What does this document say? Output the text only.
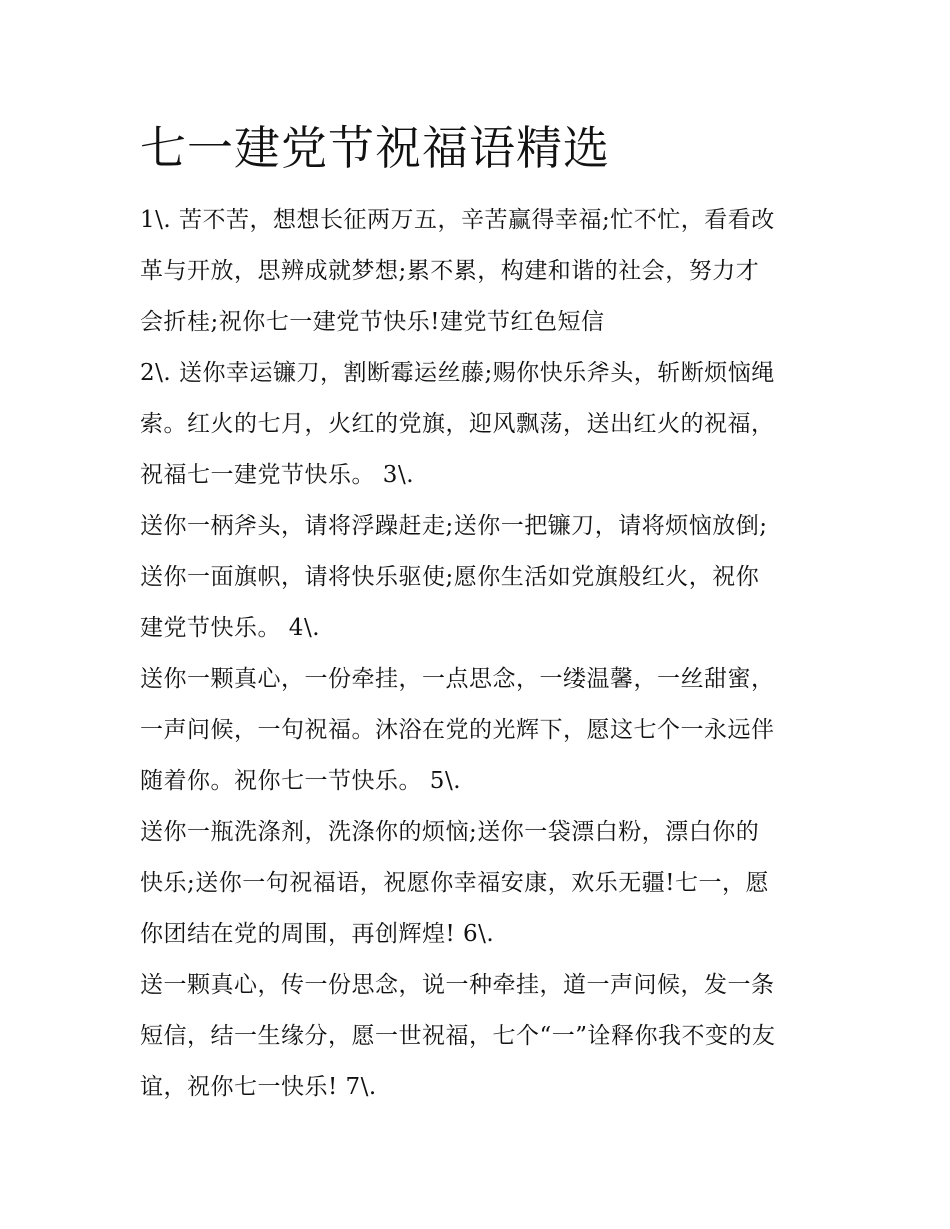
七一建党节祝福语精选
1\. 苦不苦，想想长征两万五，辛苦赢得幸福;忙不忙，看看改
革与开放，思辨成就梦想;累不累，构建和谐的社会，努力才
会折桂;祝你七一建党节快乐!建党节红色短信
2\. 送你幸运镰刀，割断霉运丝藤;赐你快乐斧头，斩断烦恼绳
索。红火的七月，火红的党旗，迎风飘荡，送出红火的祝福，
祝福七一建党节快乐。 3\.
送你一柄斧头，请将浮躁赶走;送你一把镰刀，请将烦恼放倒;
送你一面旗帜，请将快乐驱使;愿你生活如党旗般红火，祝你
建党节快乐。 4\.
送你一颗真心，一份牵挂，一点思念，一缕温馨，一丝甜蜜，
一声问候，一句祝福。沐浴在党的光辉下，愿这七个一永远伴
随着你。祝你七一节快乐。 5\.
送你一瓶洗涤剂，洗涤你的烦恼;送你一袋漂白粉，漂白你的
快乐;送你一句祝福语，祝愿你幸福安康，欢乐无疆!七一，愿
你团结在党的周围，再创辉煌! 6\.
送一颗真心，传一份思念，说一种牵挂，道一声问候，发一条
短信，结一生缘分，愿一世祝福，七个“一”诠释你我不变的友
谊，祝你七一快乐! 7\.
